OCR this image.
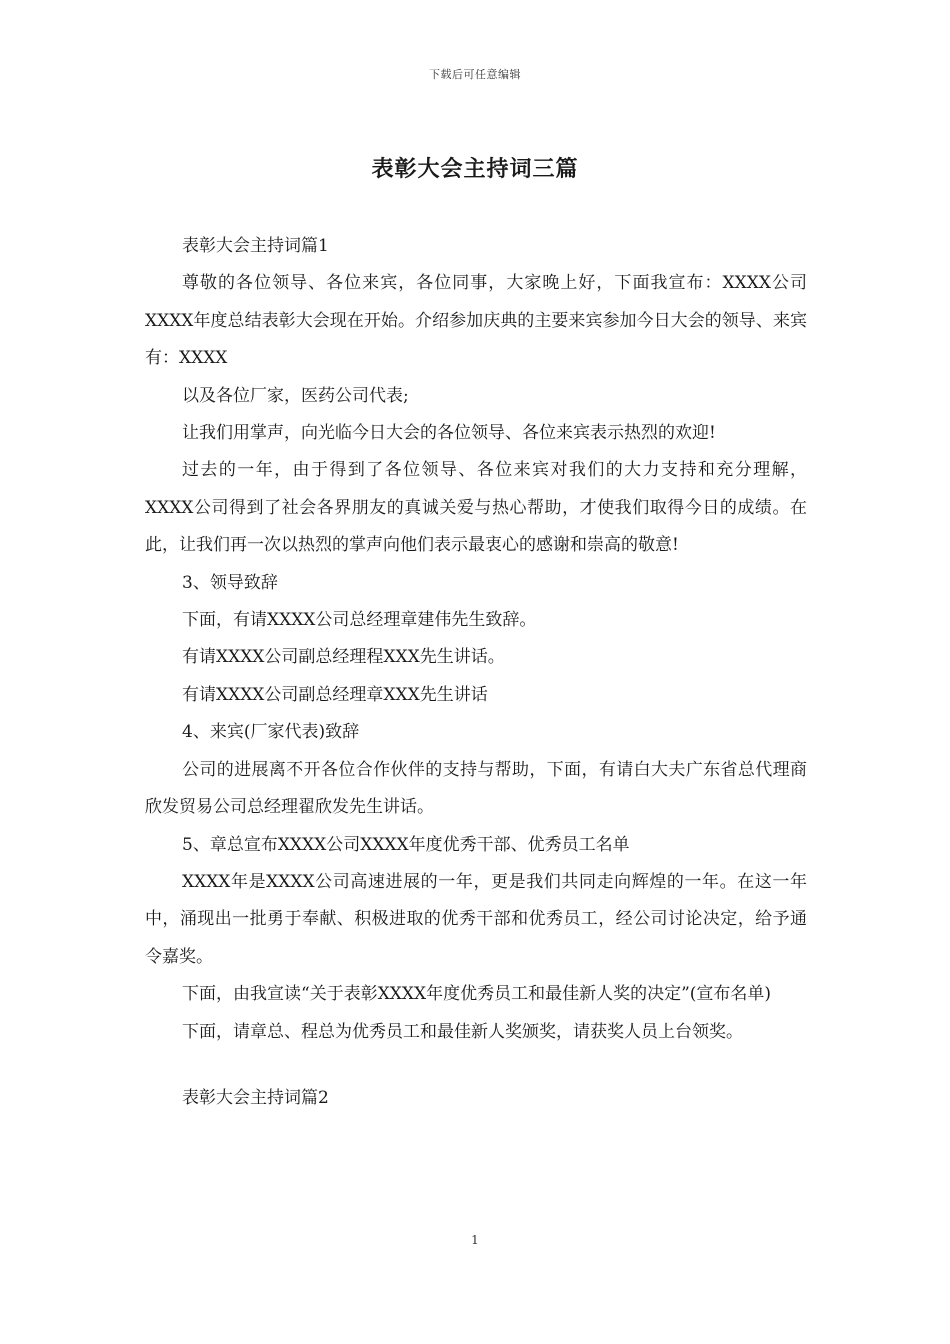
下载后可任意编辑
表彰大会主持词三篇

表彰大会主持词篇1

尊敬的各位领导、各位来宾，各位同事，大家晚上好，下面我宣布：XXXX公司XXXX年度总结表彰大会现在开始。介绍参加庆典的主要来宾参加今日大会的领导、来宾有：XXXX

以及各位厂家，医药公司代表;

让我们用掌声，向光临今日大会的各位领导、各位来宾表示热烈的欢迎!

过去的一年，由于得到了各位领导、各位来宾对我们的大力支持和充分理解，XXXX公司得到了社会各界朋友的真诚关爱与热心帮助，才使我们取得今日的成绩。在此，让我们再一次以热烈的掌声向他们表示最衷心的感谢和崇高的敬意!

3、领导致辞

下面，有请XXXX公司总经理章建伟先生致辞。

有请XXXX公司副总经理程XXX先生讲话。

有请XXXX公司副总经理章XXX先生讲话

4、来宾(厂家代表)致辞

公司的进展离不开各位合作伙伴的支持与帮助，下面，有请白大夫广东省总代理商欣发贸易公司总经理翟欣发先生讲话。

5、章总宣布XXXX公司XXXX年度优秀干部、优秀员工名单

XXXX年是XXXX公司高速进展的一年，更是我们共同走向辉煌的一年。在这一年中，涌现出一批勇于奉献、积极进取的优秀干部和优秀员工，经公司讨论决定，给予通令嘉奖。

下面，由我宣读“关于表彰XXXX年度优秀员工和最佳新人奖的决定”(宣布名单)

下面，请章总、程总为优秀员工和最佳新人奖颁奖，请获奖人员上台领奖。

表彰大会主持词篇2

1
